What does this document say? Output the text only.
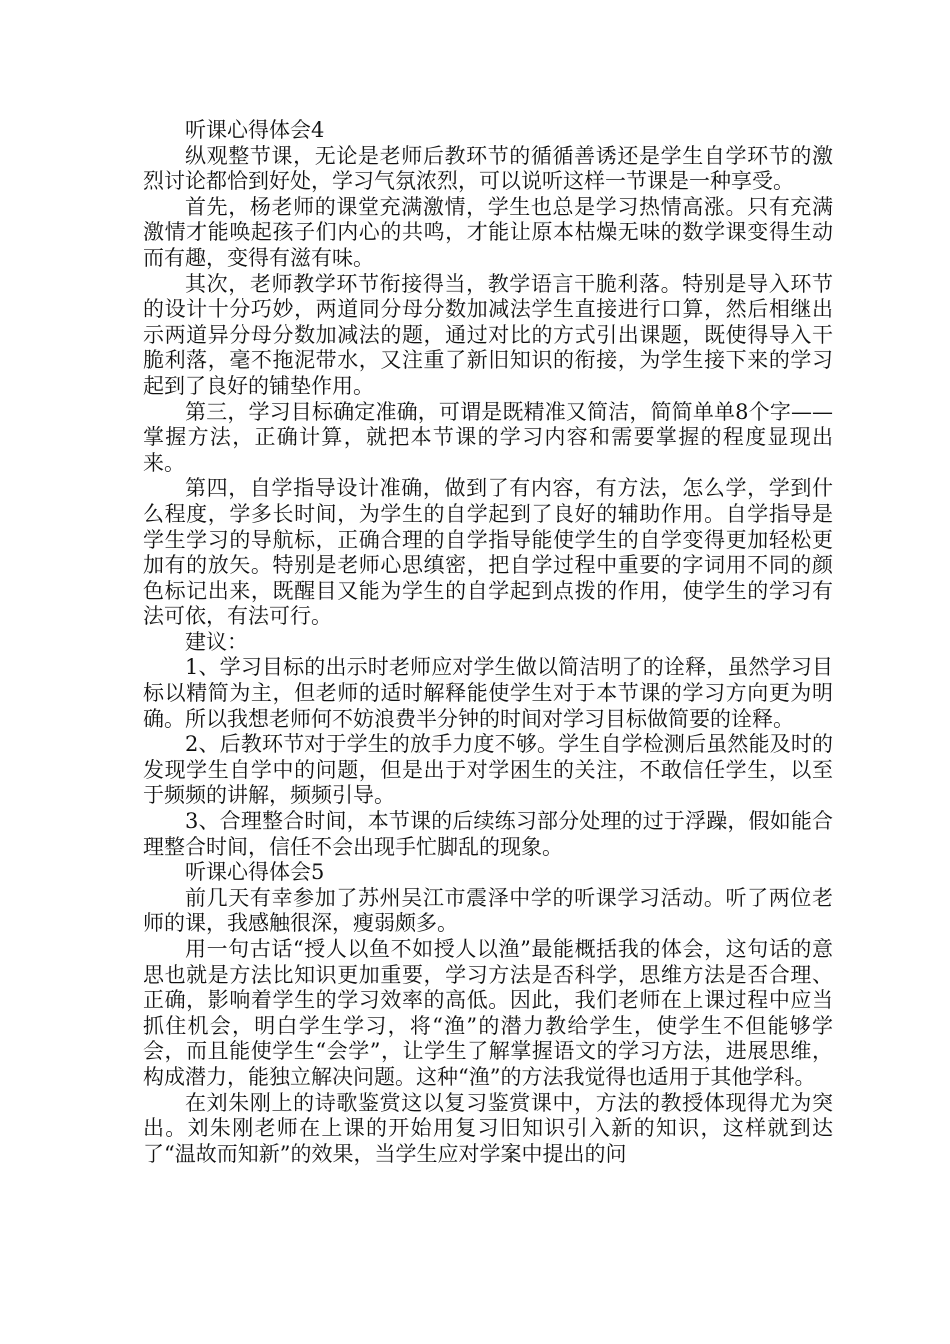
听课心得体会4

纵观整节课，无论是老师后教环节的循循善诱还是学生自学环节的激烈讨论都恰到好处，学习气氛浓烈，可以说听这样一节课是一种享受。

首先，杨老师的课堂充满激情，学生也总是学习热情高涨。只有充满激情才能唤起孩子们内心的共鸣，才能让原本枯燥无味的数学课变得生动而有趣，变得有滋有味。

其次，老师教学环节衔接得当，教学语言干脆利落。特别是导入环节的设计十分巧妙，两道同分母分数加减法学生直接进行口算，然后相继出示两道异分母分数加减法的题，通过对比的方式引出课题，既使得导入干脆利落，毫不拖泥带水，又注重了新旧知识的衔接，为学生接下来的学习起到了良好的铺垫作用。

第三，学习目标确定准确，可谓是既精准又简洁，简简单单8个字——掌握方法，正确计算，就把本节课的学习内容和需要掌握的程度显现出来。

第四，自学指导设计准确，做到了有内容，有方法，怎么学，学到什么程度，学多长时间，为学生的自学起到了良好的辅助作用。自学指导是学生学习的导航标，正确合理的自学指导能使学生的自学变得更加轻松更加有的放矢。特别是老师心思缜密，把自学过程中重要的字词用不同的颜色标记出来，既醒目又能为学生的自学起到点拨的作用，使学生的学习有法可依，有法可行。

建议：

1、学习目标的出示时老师应对学生做以简洁明了的诠释，虽然学习目标以精简为主，但老师的适时解释能使学生对于本节课的学习方向更为明确。所以我想老师何不妨浪费半分钟的时间对学习目标做简要的诠释。

2、后教环节对于学生的放手力度不够。学生自学检测后虽然能及时的发现学生自学中的问题，但是出于对学困生的关注，不敢信任学生，以至于频频的讲解，频频引导。

3、合理整合时间，本节课的后续练习部分处理的过于浮躁，假如能合理整合时间，信任不会出现手忙脚乱的现象。

听课心得体会5

前几天有幸参加了苏州吴江市震泽中学的听课学习活动。听了两位老师的课，我感触很深，瘦弱颇多。

用一句古话“授人以鱼不如授人以渔”最能概括我的体会，这句话的意思也就是方法比知识更加重要，学习方法是否科学，思维方法是否合理、正确，影响着学生的学习效率的高低。因此，我们老师在上课过程中应当抓住机会，明白学生学习，将“渔”的潜力教给学生，使学生不但能够学会，而且能使学生“会学”，让学生了解掌握语文的学习方法，进展思维，构成潜力，能独立解决问题。这种“渔”的方法我觉得也适用于其他学科。

在刘朱刚上的诗歌鉴赏这以复习鉴赏课中，方法的教授体现得尤为突出。刘朱刚老师在上课的开始用复习旧知识引入新的知识，这样就到达了“温故而知新”的效果，当学生应对学案中提出的问
